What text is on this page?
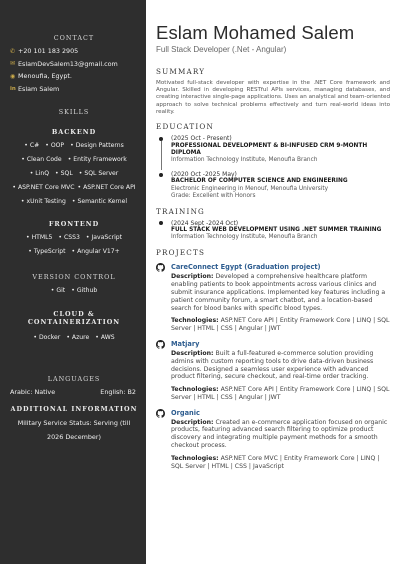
CONTACT
✆ +20 101 183 2905
✉ EslamDevSalem13@gmail.com
◉ Menoufia, Egypt.
in Eslam Salem
SKILLS
BACKEND
• C# • OOP • Design Patterns
• Clean Code • Entity Framework
• LinQ • SQL • SQL Server
• ASP.NET Core MVC • ASP.NET Core API
• xUnit Testing • Semantic Kernel
FRONTEND
• HTML5 • CSS3 • JavaScript
• TypeScript • Angular V17+
VERSION CONTROL
• Git • Github
CLOUD & CONTAINERIZATION
• Docker • Azure • AWS
LANGUAGES
Arabic: Native	English: B2
ADDITIONAL INFORMATION
Military Service Status: Serving (till 2026 December)
Eslam Mohamed Salem
Full Stack Developer (.Net - Angular)
SUMMARY
Motivated full-stack developer with expertise in the .NET Core framework and Angular. Skilled in developing RESTful APIs services, managing databases, and creating interactive single-page applications. Uses an analytical and team-oriented approach to solve technical problems effectively and turn real-world ideas into reality.
EDUCATION
(2025 Oct - Present)
PROFESSIONAL DEVELOPMENT & BI-INFUSED CRM 9-MONTH DIPLOMA
Information Technology Institute, Menoufia Branch
(2020 Oct -2025 May)
BACHELOR OF COMPUTER SCIENCE AND ENGINEERING
Electronic Engineering in Menouf, Menoufia University
Grade: Excellent with Honors
TRAINING
(2024 Sept -2024 Oct)
FULL STACK WEB DEVELOPMENT USING .NET SUMMER TRAINING
Information Technology Institute, Menoufia Branch
PROJECTS
CareConnect Egypt (Graduation project)
Description: Developed a comprehensive healthcare platform enabling patients to book appointments across various clinics and submit insurance applications. Implemented key features including a patient community forum, a smart chatbot, and a location-based search for blood banks with specific blood types.
Technologies: ASP.NET Core API | Entity Framework Core | LINQ | SQL Server | HTML | CSS | Angular | JWT
Matjary
Description: Built a full-featured e-commerce solution providing admins with custom reporting tools to drive data-driven business decisions. Designed a seamless user experience with advanced product filtering, secure checkout, and real-time order tracking.
Technologies: ASP.NET Core API | Entity Framework Core | LINQ | SQL Server | HTML | CSS | Angular | JWT
Organic
Description: Created an e-commerce application focused on organic products, featuring advanced search filtering to optimize product discovery and integrating multiple payment methods for a smooth checkout process.
Technologies: ASP.NET Core MVC | Entity Framework Core | LINQ | SQL Server | HTML | CSS | JavaScript
